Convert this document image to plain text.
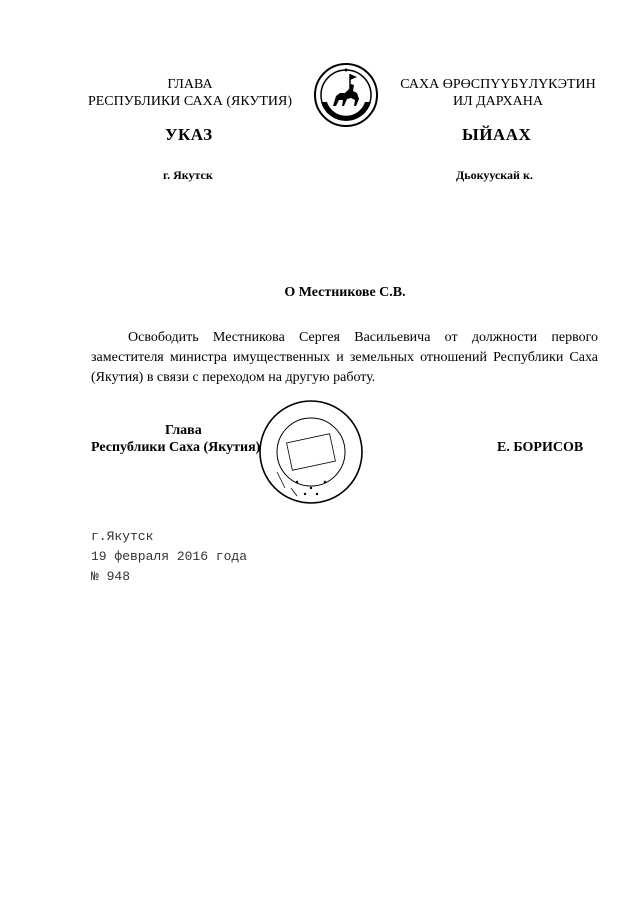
ГЛАВА
РЕСПУБЛИКИ САХА (ЯКУТИЯ)
САХА ӨРӨСПҮҮБҮЛҮКЭТИН
ИЛ ДАРХАНА
УКАЗ	ЫЙААХ
г. Якутск	Дьокуускай к.
О Местникове С.В.
Освободить Местникова Сергея Васильевича от должности первого заместителя министра имущественных и земельных отношений Республики Саха (Якутия) в связи с переходом на другую работу.
Глава
Республики Саха (Якутия)	Е. БОРИСОВ
г.Якутск
19 февраля 2016 года
№ 948
